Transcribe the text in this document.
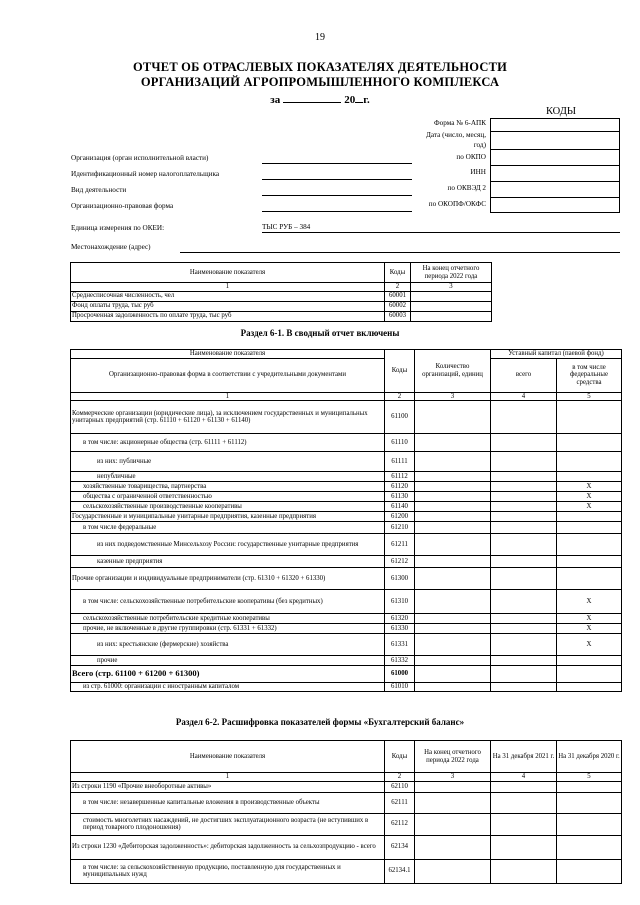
19
ОТЧЕТ ОБ ОТРАСЛЕВЫХ ПОКАЗАТЕЛЯХ ДЕЯТЕЛЬНОСТИ
ОРГАНИЗАЦИЙ АГРОПРОМЫШЛЕННОГО КОМПЛЕКСА
за	20 г.
КОДЫ
Форма № 6-АПК
Дата (число, месяц,
год)
по ОКПО
ИНН
по ОКВЭД 2
по ОКОПФ/ОКФС

Организация (орган исполнительной власти)
Идентификационный номер налогоплательщика
Вид деятельности
Организационно-правовая форма
Единица измерения по ОКЕИ:	ТЫС РУБ – 384
Местонахождение (адрес)
Наименование показателя	Коды	На конец отчетного периода 2022 года
1	2	3
Среднесписочная численность, чел	60001	
Фонд оплаты труда, тыс руб	60002	
Просроченная задолженность по оплате труда, тыс руб	60003	
Раздел 6-1. В сводный отчет включены
Наименование показателя	Коды	Количество организаций, единиц	Уставный капитал (паевой фонд)	
Организационно-правовая форма в соответствии с учредительными документами			всего	в том числе федеральные средства
1	2	3	4	5
Коммерческие организации (юридические лица), за исключением государственных и муниципальных унитарных предприятий (стр. 61110 + 61120 + 61130 + 61140)	61100			
в том числе: акционерные общества (стр. 61111 + 61112)	61110			
из них: публичные	61111			
непубличные	61112			
хозяйственные товарищества, партнерства	61120			X
общества с ограниченной ответственностью	61130			X
сельскохозяйственные производственные кооперативы	61140			X
Государственные и муниципальные унитарные предприятия, казенные предприятия	61200			
в том числе федеральные	61210			
из них подведомственные Минсельхозу России: государственные унитарные предприятия	61211			
казенные предприятия	61212			
Прочие организации и индивидуальные предприниматели (стр. 61310 + 61320 + 61330)	61300			
в том числе: сельскохозяйственные потребительские кооперативы (без кредитных)	61310			X
сельскохозяйственные потребительские кредитные кооперативы	61320			X
прочие, не включенные в другие группировки (стр. 61331 + 61332)	61330			X
из них: крестьянские (фермерские) хозяйства	61331			X
прочие	61332			
Всего (стр. 61100 + 61200 + 61300)	61000			
из стр. 61000: организации с иностранным капиталом	61010			
Раздел 6-2. Расшифровка показателей формы «Бухгалтерский баланс»
Наименование показателя	Коды	На конец отчетного периода 2022 года	На 31 декабря 2021 г.	На 31 декабря 2020 г.
1	2	3	4	5
Из строки 1190 «Прочие внеоборотные активы»	62110			
в том числе: незавершенные капитальные вложения в производственные объекты	62111			
стоимость многолетних насаждений, не достигших эксплуатационного возраста (не вступивших в период товарного плодоношения)	62112			
Из строки 1230 «Дебиторская задолженность»: дебиторская задолженность за сельхозпродукцию - всего	62134			
в том числе: за сельскохозяйственную продукцию, поставленную для государственных и муниципальных нужд	62134.1			
